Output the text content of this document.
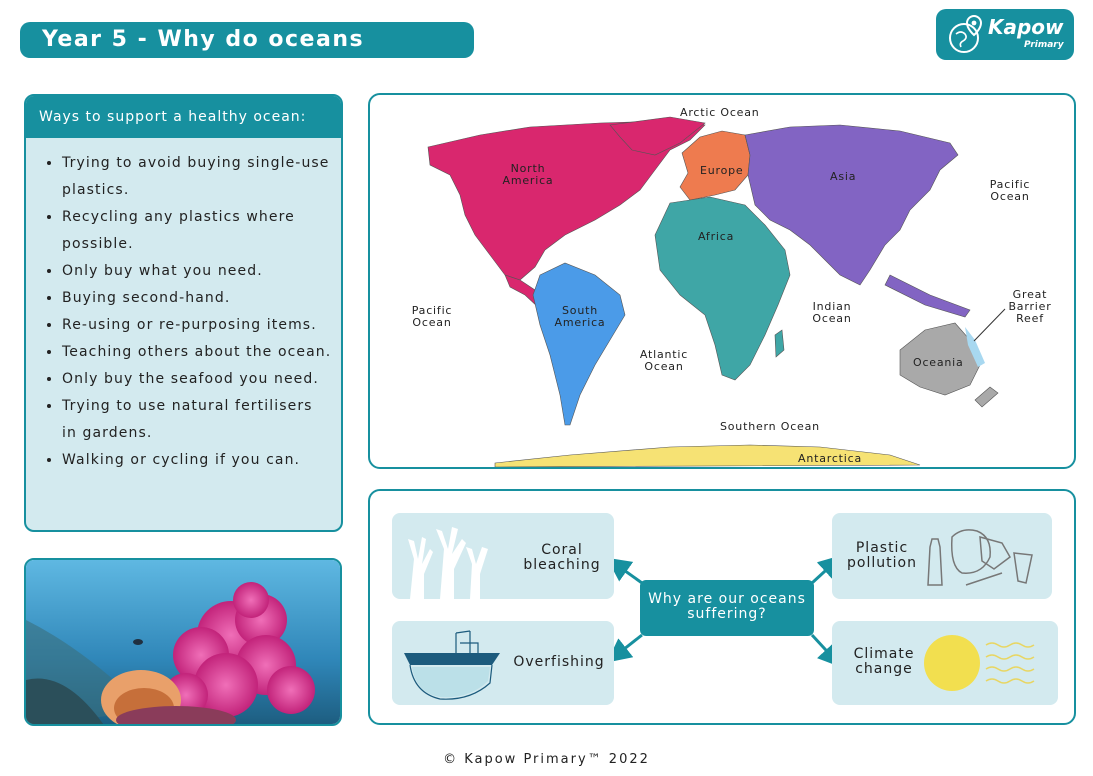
Year 5 - Why do oceans matter?
Kapow
Primary
Ways to support a healthy ocean:
• Trying to avoid buying single-use plastics.
• Recycling any plastics where possible.
• Only buy what you need.
• Buying second-hand.
• Re-using or re-purposing items.
• Teaching others about the ocean.
• Only buy the seafood you need.
• Trying to use natural fertilisers in gardens.
• Walking or cycling if you can.
Arctic Ocean
Pacific Ocean
Pacific Ocean
North America
Europe	Asia
Africa
South America
Indian Ocean
Atlantic Ocean
Great Barrier Reef
Oceania
Southern Ocean
Antarctica
Coral bleaching
Plastic pollution
Why are our oceans suffering?
Overfishing	Climate change
© Kapow Primary™ 2022
